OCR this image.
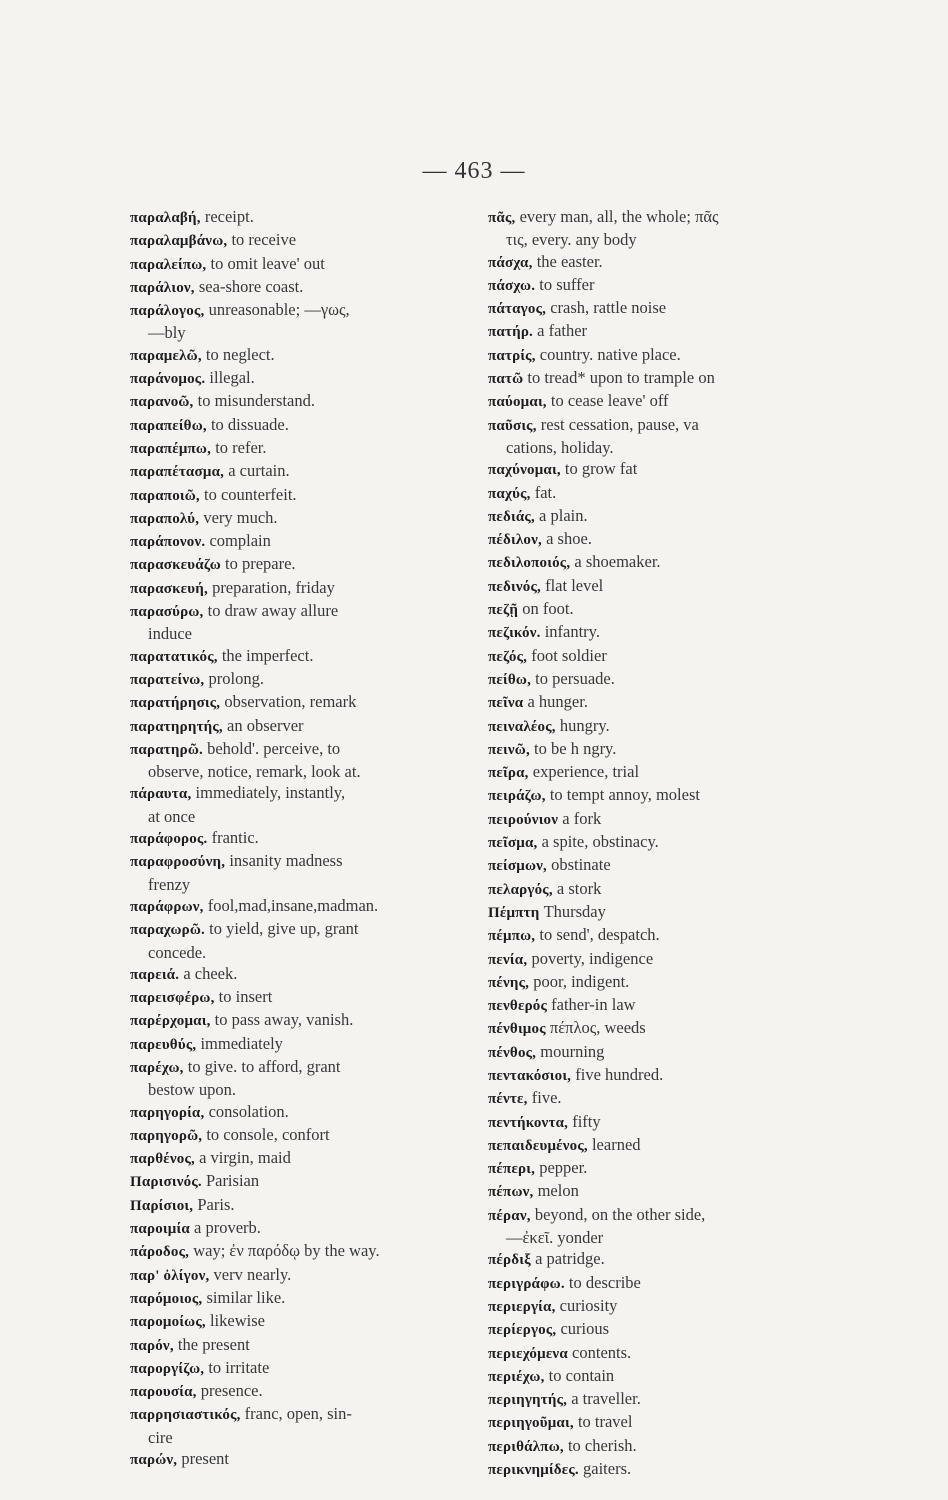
— 463 —
παραλαβή, receipt.
παραλαμβάνω, to receive
παραλείπω, to omit leave' out
παράλιον, sea-shore coast.
παράλογος, unreasonable; —γως,
—bly
παραμελῶ, to neglect.
παράνομος. illegal.
παρανοῶ, to misunderstand.
παραπείθω, to dissuade.
παραπέμπω, to refer.
παραπέτασμα, a curtain.
παραποιῶ, to counterfeit.
παραπολύ, very much.
παράπονον. complain
παρασκευάζω to prepare.
παρασκευή, preparation, friday
παρασύρω, to draw away allure
induce
παρατατικός, the imperfect.
παρατείνω, prolong.
παρατήρησις, observation, remark
παρατηρητής, an observer
παρατηρῶ. behold'. perceive, to
observe, notice, remark, look at.
πάραυτα, immediately, instantly,
at once
παράφορος. frantic.
παραφροσύνη, insanity madness
frenzy
παράφρων, fool,mad,insane,madman.
παραχωρῶ. to yield, give up, grant
concede.
παρειά. a cheek.
παρεισφέρω, to insert
παρέρχομαι, to pass away, vanish.
παρευθύς, immediately
παρέχω, to give. to afford, grant
bestow upon.
παρηγορία, consolation.
παρηγορῶ, to console, confort
παρθένος, a virgin, maid
Παρισινός. Parisian
Παρίσιοι, Paris.
παροιμία a proverb.
πάροδος, way; ἐν παρόδῳ by the way.
παρ' ὀλίγον, verv nearly.
παρόμοιος, similar like.
παρομοίως, likewise
παρόν, the present
παροργίζω, to irritate
παρουσία, presence.
παρρησιαστικός, franc, open, sin-
cire
παρών, present
πᾶς, every man, all, the whole; πᾶς
τις, every. any body
πάσχα, the easter.
πάσχω. to suffer
πάταγος, crash, rattle noise
πατήρ. a father
πατρίς, country. native place.
πατῶ to tread* upon to trample on
παύομαι, to cease leave' off
παῦσις, rest cessation, pause, va
cations, holiday.
παχύνομαι, to grow fat
παχύς, fat.
πεδιάς, a plain.
πέδιλον, a shoe.
πεδιλοποιός, a shoemaker.
πεδινός, flat level
πεζῇ on foot.
πεζικόν. infantry.
πεζός, foot soldier
πείθω, to persuade.
πεῖνα a hunger.
πειναλέος, hungry.
πεινῶ, to be h ngry.
πεῖρα, experience, trial
πειράζω, to tempt annoy, molest
πειρούνιον a fork
πεῖσμα, a spite, obstinacy.
πείσμων, obstinate
πελαργός, a stork
Πέμπτη Thursday
πέμπω, to send', despatch.
πενία, poverty, indigence
πένης, poor, indigent.
πενθερός father-in law
πένθιμος πέπλος, weeds
πένθος, mourning
πεντακόσιοι, five hundred.
πέντε, five.
πεντήκοντα, fifty
πεπαιδευμένος, learned
πέπερι, pepper.
πέπων, melon
πέραν, beyond, on the other side,
—ἐκεῖ. yonder
πέρδιξ a patridge.
περιγράφω. to describe
περιεργία, curiosity
περίεργος, curious
περιεχόμενα contents.
περιέχω, to contain
περιηγητής, a traveller.
περιηγοῦμαι, to travel
περιθάλπω, to cherish.
περικνημίδες. gaiters.
